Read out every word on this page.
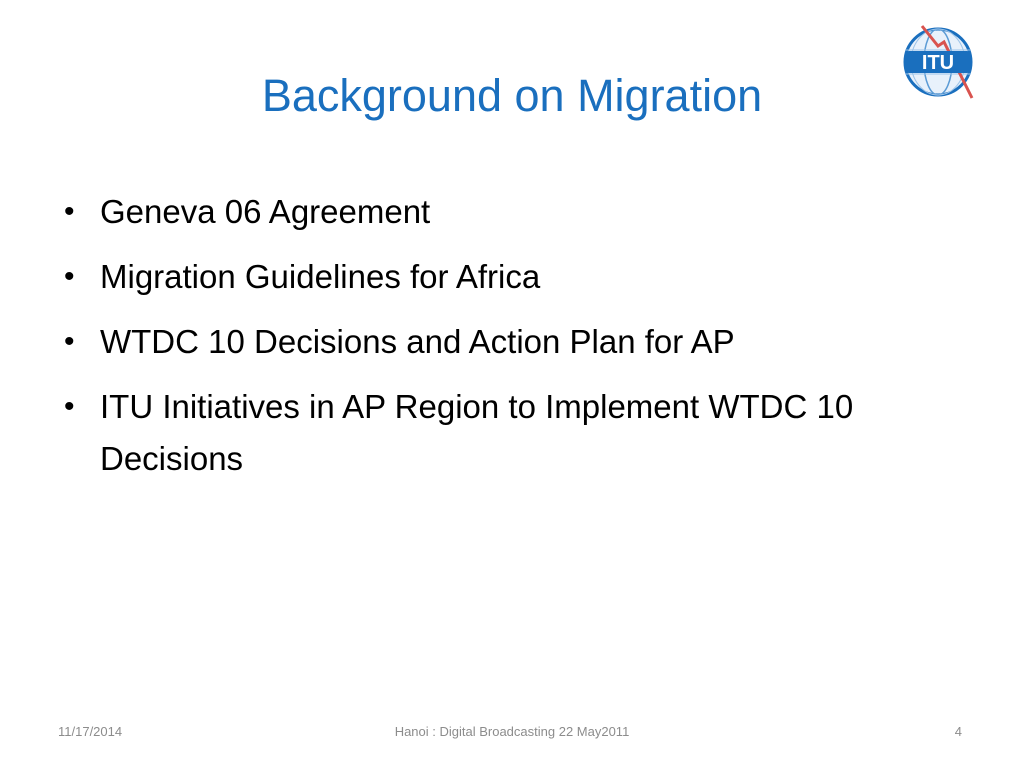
Background on Migration
ITU
• Geneva 06 Agreement
• Migration Guidelines for Africa
• WTDC 10 Decisions and Action Plan for AP
• ITU Initiatives in AP Region to Implement WTDC 10 Decisions
11/17/2014	Hanoi : Digital Broadcasting 22 May2011	4
